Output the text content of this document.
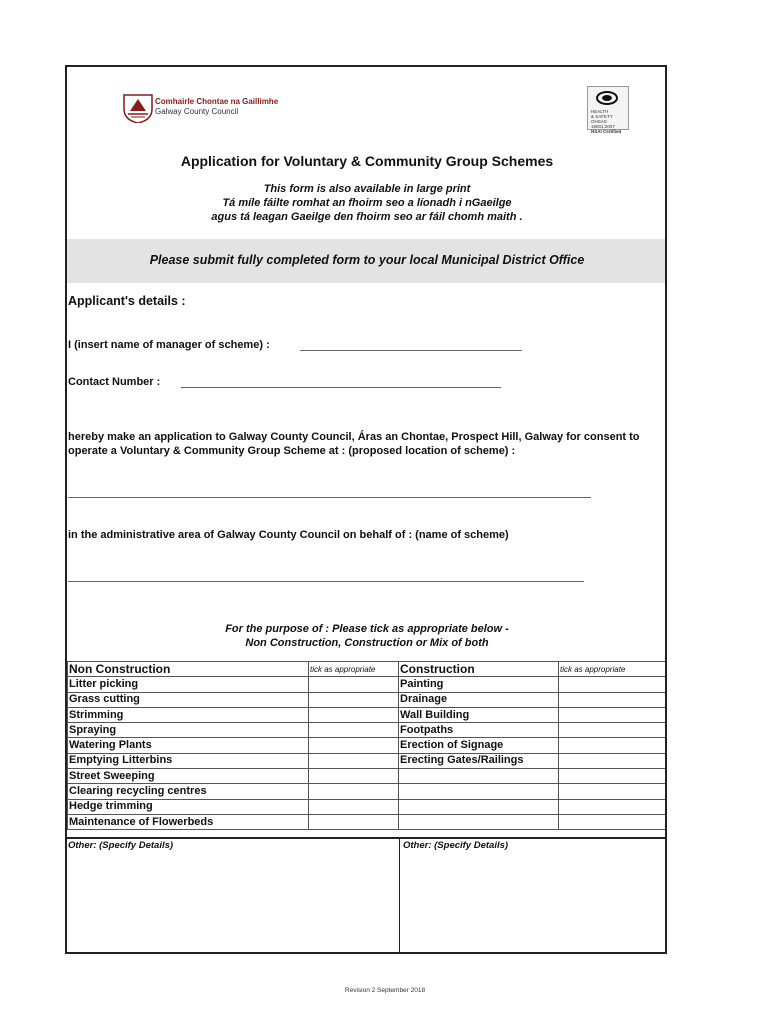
Comhairle Chontae na Gaillimhe
Galway County Council	HEALTH
& SAFETY
OHSAS 18001:2007
NSAI Certified
Application for Voluntary & Community Group Schemes
This form is also available in large print
Tá míle fáilte romhat an fhoirm seo a líonadh i nGaeilge
agus tá leagan Gaeilge den fhoirm seo ar fáil chomh maith .
Please submit fully completed form to your local Municipal District Office
Applicant's details :
I (insert name of manager of scheme) :
Contact Number :
hereby make an application to Galway County Council, Áras an Chontae, Prospect Hill, Galway for consent to operate a Voluntary & Community Group Scheme at : (proposed location of scheme) :
in the administrative area of Galway County Council on behalf of : (name of scheme)
For the purpose of : Please tick as appropriate below -
Non Construction, Construction or Mix of both
Non Construction	tick as appropriate	Construction	tick as appropriate
Litter picking		Painting	
Grass cutting		Drainage	
Strimming		Wall Building	
Spraying		Footpaths	
Watering Plants		Erection of Signage	
Emptying Litterbins		Erecting Gates/Railings	
Street Sweeping			
Clearing recycling centres			
Hedge trimming			
Maintenance of Flowerbeds			
Other: (Specify Details)	Other: (Specify Details)
Revision 2 September 2018
